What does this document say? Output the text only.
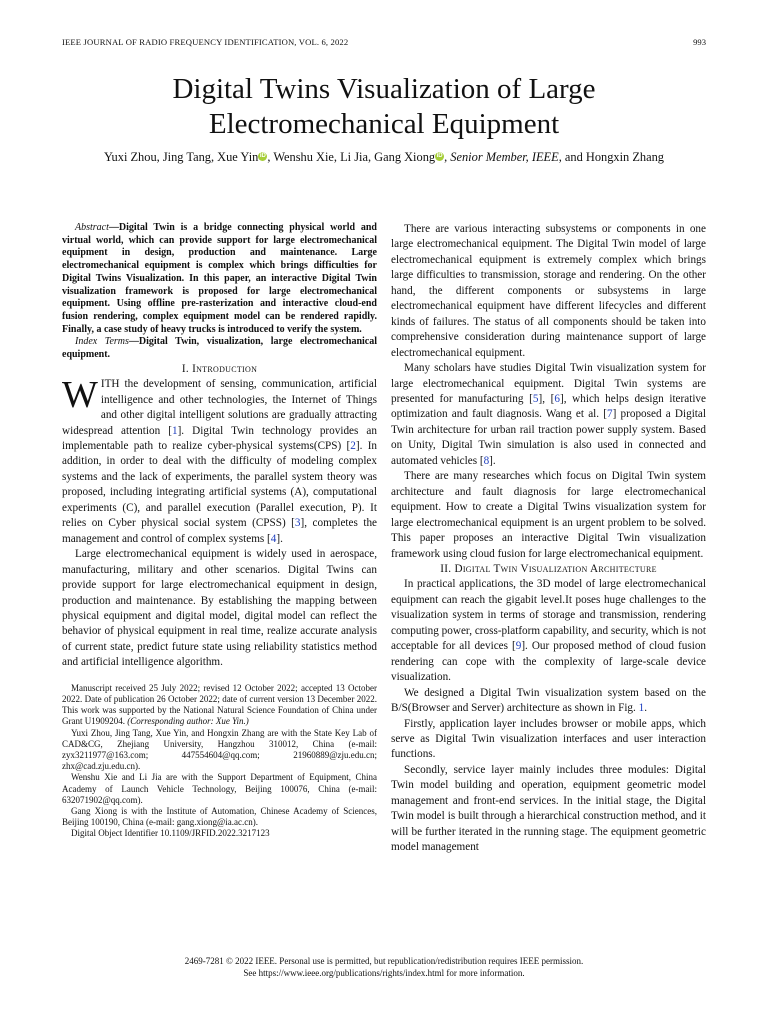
IEEE JOURNAL OF RADIO FREQUENCY IDENTIFICATION, VOL. 6, 2022	993
Digital Twins Visualization of Large
Electromechanical Equipment
Yuxi Zhou, Jing Tang, Xue Yin iD , Wenshu Xie, Li Jia, Gang Xiong iD , Senior Member, IEEE, and Hongxin Zhang

Abstract—Digital Twin is a bridge connecting physical world and virtual world, which can provide support for large electromechanical equipment in design, production and maintenance. Large electromechanical equipment is complex which brings difficulties for Digital Twins Visualization. In this paper, an interactive Digital Twin visualization framework is proposed for large electromechanical equipment. Using offline pre-rasterization and interactive cloud-end fusion rendering, complex equipment model can be rendered rapidly. Finally, a case study of heavy trucks is introduced to verify the system.

Index Terms—Digital Twin, visualization, large electromechanical equipment.

I. Introduction

WITH the development of sensing, communication, artificial intelligence and other technologies, the Internet of Things and other digital intelligent solutions are gradually attracting widespread attention [1]. Digital Twin technology provides an implementable path to realize cyber-physical systems(CPS) [2]. In addition, in order to deal with the difficulty of modeling complex systems and the lack of experiments, the parallel system theory was proposed, including integrating artificial systems (A), computational experiments (C), and parallel execution (Parallel execution, P). It relies on Cyber physical social system (CPSS) [3], completes the management and control of complex systems [4].

Large electromechanical equipment is widely used in aerospace, manufacturing, military and other scenarios. Digital Twins can provide support for large electromechanical equipment in design, production and maintenance. By establishing the mapping between physical equipment and digital model, digital model can reflect the behavior of physical equipment in real time, realize accurate analysis of current state, predict future state using reliability statistics method and artificial intelligence algorithm.

Manuscript received 25 July 2022; revised 12 October 2022; accepted 13 October 2022. Date of publication 26 October 2022; date of current version 13 December 2022. This work was supported by the National Natural Science Foundation of China under Grant U1909204. (Corresponding author: Xue Yin.)

Yuxi Zhou, Jing Tang, Xue Yin, and Hongxin Zhang are with the State Key Lab of CAD&CG, Zhejiang University, Hangzhou 310012, China (e-mail: zyx3211977@163.com; 447554604@qq.com; 21960889@zju.edu.cn; zhx@cad.zju.edu.cn).

Wenshu Xie and Li Jia are with the Support Department of Equipment, China Academy of Launch Vehicle Technology, Beijing 100076, China (e-mail: 632071902@qq.com).

Gang Xiong is with the Institute of Automation, Chinese Academy of Sciences, Beijing 100190, China (e-mail: gang.xiong@ia.ac.cn).

Digital Object Identifier 10.1109/JRFID.2022.3217123

There are various interacting subsystems or components in one large electromechanical equipment. The Digital Twin model of large electromechanical equipment is extremely complex which brings large difficulties to transmission, storage and rendering. On the other hand, the different components or subsystems in large electromechanical equipment have different lifecycles and different kinds of failures. The status of all components should be taken into comprehensive consideration during maintenance support of large electromechanical equipment.

Many scholars have studies Digital Twin visualization system for large electromechanical equipment. Digital Twin systems are presented for manufacturing [5], [6], which helps design iterative optimization and fault diagnosis. Wang et al. [7] proposed a Digital Twin architecture for urban rail traction power supply system. Based on Unity, Digital Twin simulation is also used in connected and automated vehicles [8].

There are many researches which focus on Digital Twin system architecture and fault diagnosis for large electromechanical equipment. How to create a Digital Twins visualization system for large electromechanical equipment is an urgent problem to be solved. This paper proposes an interactive Digital Twin visualization framework using cloud fusion for large electromechanical equipment.

II. Digital Twin Visualization Architecture

In practical applications, the 3D model of large electromechanical equipment can reach the gigabit level.It poses huge challenges to the visualization system in terms of storage and transmission, rendering computing power, cross-platform capability, and security, which is not acceptable for all devices [9]. Our proposed method of cloud fusion rendering can cope with the complexity of large-scale device visualization.

We designed a Digital Twin visualization system based on the B/S(Browser and Server) architecture as shown in Fig. 1.

Firstly, application layer includes browser or mobile apps, which serve as Digital Twin visualization interfaces and user interaction functions.

Secondly, service layer mainly includes three modules: Digital Twin model building and operation, equipment geometric model management and front-end services. In the initial stage, the Digital Twin model is built through a hierarchical construction method, and it will be further iterated in the running stage. The equipment geometric model management

2469-7281 © 2022 IEEE. Personal use is permitted, but republication/redistribution requires IEEE permission.
See https://www.ieee.org/publications/rights/index.html for more information.
